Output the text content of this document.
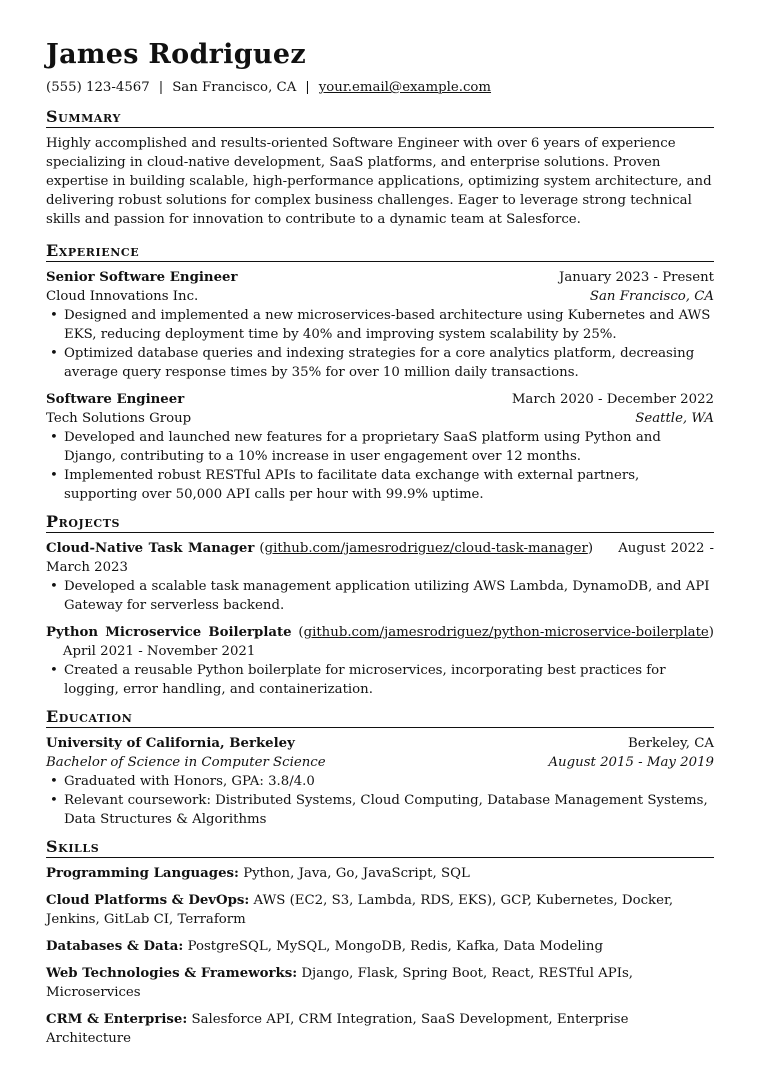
James Rodriguez
(555) 123-4567 | San Francisco, CA | your.email@example.com
Summary
Highly accomplished and results-oriented Software Engineer with over 6 years of experience specializing in cloud-native development, SaaS platforms, and enterprise solutions. Proven expertise in building scalable, high-performance applications, optimizing system architecture, and delivering robust solutions for complex business challenges. Eager to leverage strong technical skills and passion for innovation to contribute to a dynamic team at Salesforce.
Experience
Senior Software Engineer	January 2023 - Present
Cloud Innovations Inc.	San Francisco, CA
• Designed and implemented a new microservices-based architecture using Kubernetes and AWS EKS, reducing deployment time by 40% and improving system scalability by 25%.
• Optimized database queries and indexing strategies for a core analytics platform, decreasing average query response times by 35% for over 10 million daily transactions.
Software Engineer	March 2020 - December 2022
Tech Solutions Group	Seattle, WA
• Developed and launched new features for a proprietary SaaS platform using Python and Django, contributing to a 10% increase in user engagement over 12 months.
• Implemented robust RESTful APIs to facilitate data exchange with external partners, supporting over 50,000 API calls per hour with 99.9% uptime.
Projects
Cloud-Native Task Manager (github.com/jamesrodriguez/cloud-task-manager)     August 2022 - March 2023
• Developed a scalable task management application utilizing AWS Lambda, DynamoDB, and API Gateway for serverless backend.
Python Microservice Boilerplate (github.com/jamesrodriguez/python-microservice-boilerplate)     April 2021 - November 2021
• Created a reusable Python boilerplate for microservices, incorporating best practices for logging, error handling, and containerization.
Education
University of California, Berkeley	Berkeley, CA
Bachelor of Science in Computer Science	August 2015 - May 2019
• Graduated with Honors, GPA: 3.8/4.0
• Relevant coursework: Distributed Systems, Cloud Computing, Database Management Systems, Data Structures & Algorithms
Skills
Programming Languages: Python, Java, Go, JavaScript, SQL
Cloud Platforms & DevOps: AWS (EC2, S3, Lambda, RDS, EKS), GCP, Kubernetes, Docker, Jenkins, GitLab CI, Terraform
Databases & Data: PostgreSQL, MySQL, MongoDB, Redis, Kafka, Data Modeling
Web Technologies & Frameworks: Django, Flask, Spring Boot, React, RESTful APIs, Microservices
CRM & Enterprise: Salesforce API, CRM Integration, SaaS Development, Enterprise Architecture
